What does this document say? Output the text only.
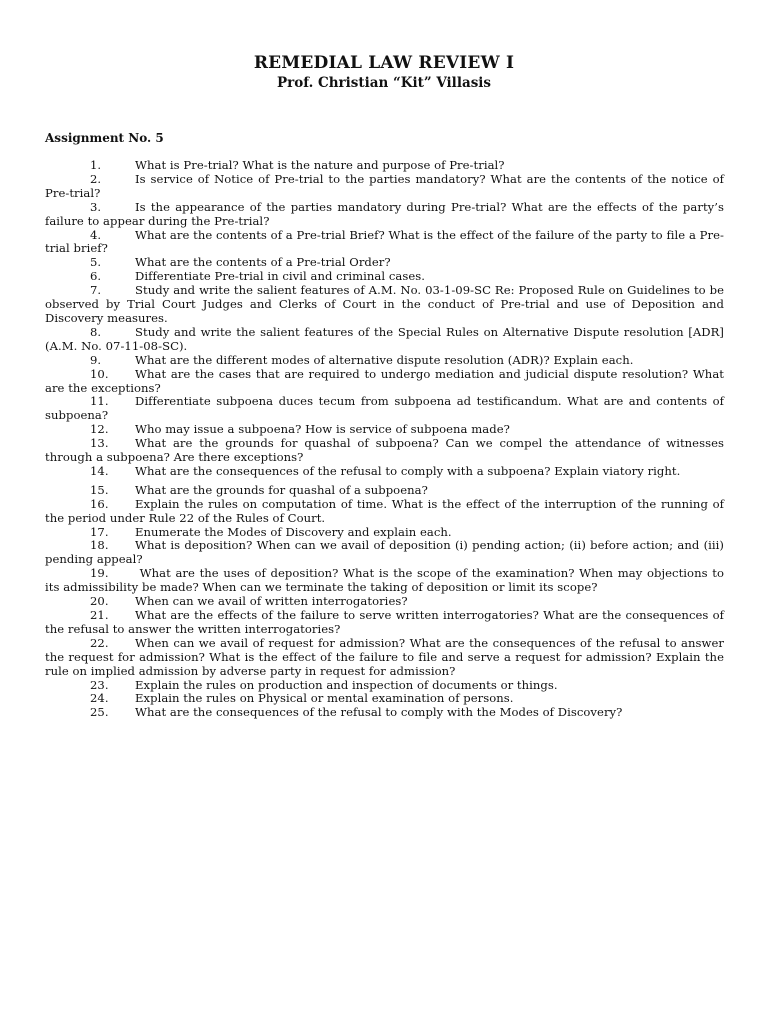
REMEDIAL LAW REVIEW I
Prof. Christian “Kit” Villasis
Assignment No. 5
1.	What is Pre-trial? What is the nature and purpose of Pre-trial?
2.	Is service of Notice of Pre-trial to the parties mandatory? What are the contents of the notice of Pre-trial?
3.	Is the appearance of the parties mandatory during Pre-trial? What are the effects of the party’s failure to appear during the Pre-trial?
4.	What are the contents of a Pre-trial Brief? What is the effect of the failure of the party to file a Pre-trial brief?
5.	What are the contents of a Pre-trial Order?
6.	Differentiate Pre-trial in civil and criminal cases.
7.	Study and write the salient features of A.M. No. 03-1-09-SC Re: Proposed Rule on Guidelines to be observed by Trial Court Judges and Clerks of Court in the conduct of Pre-trial and use of Deposition and Discovery measures.
8.	Study and write the salient features of the Special Rules on Alternative Dispute resolution [ADR] (A.M. No. 07-11-08-SC).
9.	What are the different modes of alternative dispute resolution (ADR)? Explain each.
10. What are the cases that are required to undergo mediation and judicial dispute resolution? What are the exceptions?
11. Differentiate subpoena duces tecum from subpoena ad testificandum. What are and contents of subpoena?
12. Who may issue a subpoena? How is service of subpoena made?
13. What are the grounds for quashal of subpoena? Can we compel the attendance of witnesses through a subpoena? Are there exceptions?
14. What are the consequences of the refusal to comply with a subpoena? Explain viatory right.
15. What are the grounds for quashal of a subpoena?
16. Explain the rules on computation of time. What is the effect of the interruption of the running of the period under Rule 22 of the Rules of Court.
17. Enumerate the Modes of Discovery and explain each.
18. What is deposition? When can we avail of deposition (i) pending action; (ii) before action; and (iii) pending appeal?
19. What are the uses of deposition? What is the scope of the examination? When may objections to its admissibility be made? When can we terminate the taking of deposition or limit its scope?
20. When can we avail of written interrogatories?
21. What are the effects of the failure to serve written interrogatories? What are the consequences of the refusal to answer the written interrogatories?
22. When can we avail of request for admission? What are the consequences of the refusal to answer the request for admission? What is the effect of the failure to file and serve a request for admission? Explain the rule on implied admission by adverse party in request for admission?
23. Explain the rules on production and inspection of documents or things.
24. Explain the rules on Physical or mental examination of persons.
25. What are the consequences of the refusal to comply with the Modes of Discovery?
